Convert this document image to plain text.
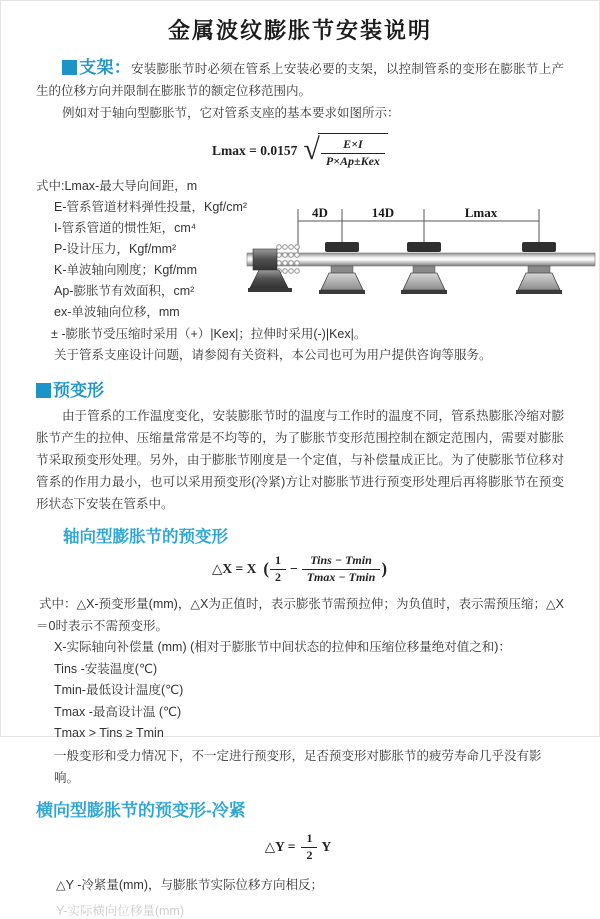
金属波纹膨胀节安装说明

支架：安装膨胀节时必须在管系上安装必要的支架，以控制管系的变形在膨胀节上产生的位移方向并限制在膨胀节的额定位移范围内。

例如对于轴向型膨胀节，它对管系支座的基本要求如图所示：

Lmax = 0.0157 √ $\frac{E\times I}{\text{P×Ap±Kex}}$

式中:Lmax-最大导向间距，m

E-管系管道材料弹性投量，Kgf/cm²

I-管系管道的惯性矩，cm⁴

P-设计压力，Kgf/mm²

K-单波轴向刚度；Kgf/mm

Ap-膨胀节有效面积，cm²

ex-单波轴向位移，mm

± -膨胀节受压缩时采用（+）|Kex|；拉伸时采用(-)|Kex|。

关于管系支座设计问题，请参阅有关资料，本公司也可为用户提供咨询等服务。

4D	14D	Lmax
预变形

由于管系的工作温度变化，安装膨胀节时的温度与工作时的温度不同，管系热膨胀冷缩对膨胀节产生的拉伸、压缩量常常是不均等的，为了膨胀节变形范围控制在额定范围内，需要对膨胀节采取预变形处理。另外，由于膨胀节刚度是一个定值，与补偿量成正比。为了使膨胀节位移对管系的作用力最小，也可以采用预变形(冷紧)方让对膨胀节进行预变形处理后再将膨胀节在预变形状态下安装在管系中。

轴向型膨胀节的预变形
△X = X ( $\frac{1}{2} - \frac{\text{Tins − Tmin}}{Tmax - Tmin}$ )

式中：△X-预变形量(mm)，△X为正值时，表示膨张节需预拉伸；为负值时，表示需预压缩；△X＝0时表示不需预变形。

X-实际轴向补偿量 (mm) (相对于膨胀节中间状态的拉伸和压缩位移量绝对值之和)：

Tins -安装温度(℃)

Tmin-最低设计温度(℃)

Tmax -最高设计温 (℃)

Tmax > Tins ≥ Tmin

一般变形和受力情况下，不一定进行预变形，足否预变形对膨胀节的疲劳寿命几乎没有影响。

横向型膨胀节的预变形-冷紧
△Y = $\frac{1}{2}$ Y

△Y -冷紧量(mm)，与膨胀节实际位移方向相反；

Y-实际横向位移量(mm)
